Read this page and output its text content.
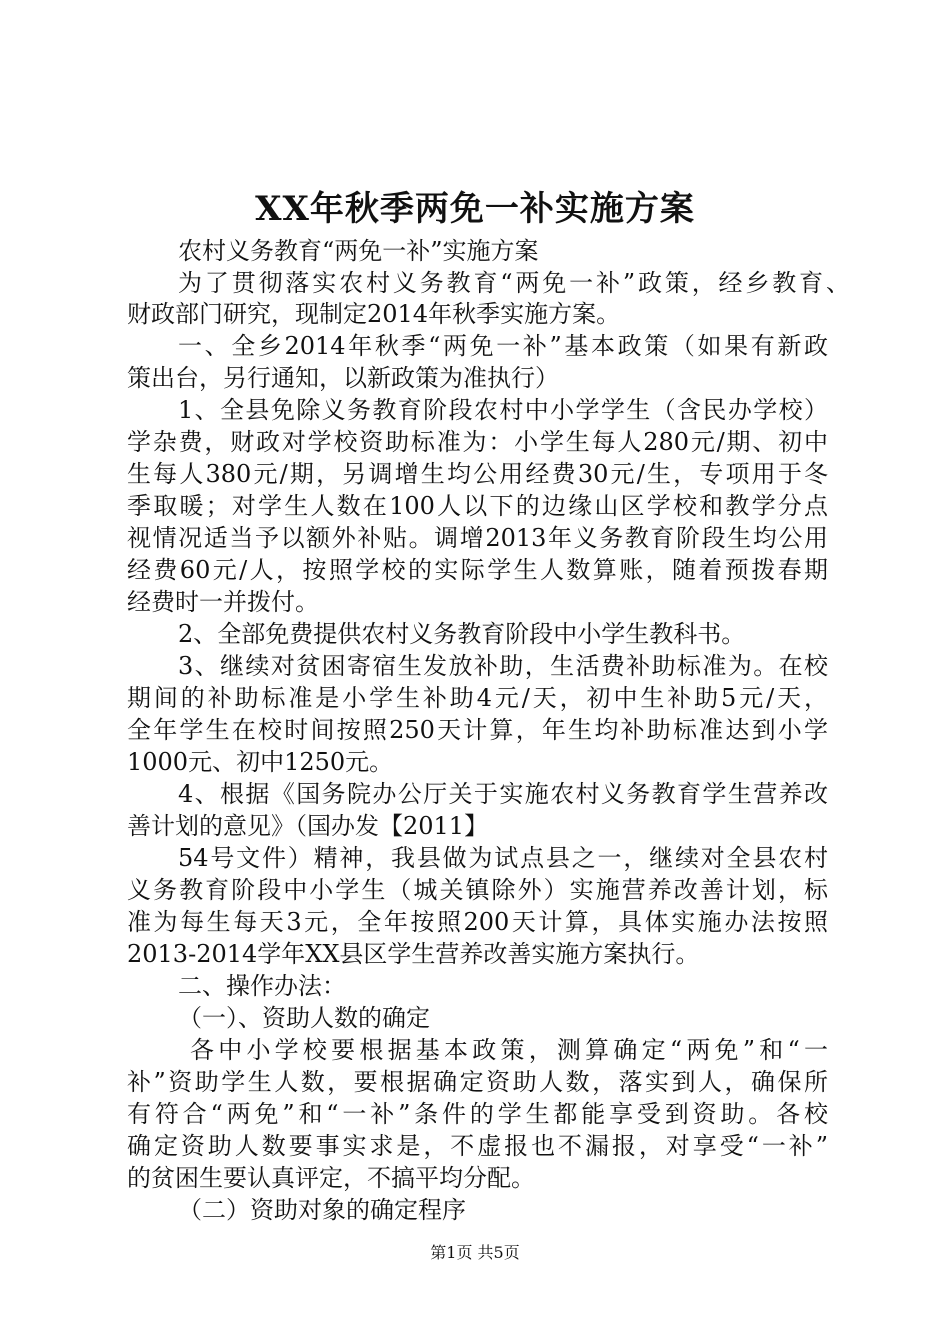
XX年秋季两免一补实施方案
农村义务教育“两免一补”实施方案
为了贯彻落实农村义务教育“两免一补”政策，经乡教育、
财政部门研究，现制定2014年秋季实施方案。
一、全乡2014年秋季“两免一补”基本政策（如果有新政
策出台，另行通知，以新政策为准执行）
1、全县免除义务教育阶段农村中小学学生（含民办学校）
学杂费，财政对学校资助标准为：小学生每人280元/期、初中
生每人380元/期，另调增生均公用经费30元/生，专项用于冬
季取暖；对学生人数在100人以下的边缘山区学校和教学分点
视情况适当予以额外补贴。调增2013年义务教育阶段生均公用
经费60元/人，按照学校的实际学生人数算账，随着预拨春期
经费时一并拨付。
2、全部免费提供农村义务教育阶段中小学生教科书。
3、继续对贫困寄宿生发放补助，生活费补助标准为。在校
期间的补助标准是小学生补助4元/天，初中生补助5元/天，
全年学生在校时间按照250天计算，年生均补助标准达到小学
1000元、初中1250元。
4、根据《国务院办公厅关于实施农村义务教育学生营养改
善计划的意见》（国办发【2011】
54号文件）精神，我县做为试点县之一，继续对全县农村
义务教育阶段中小学生（城关镇除外）实施营养改善计划，标
准为每生每天3元，全年按照200天计算，具体实施办法按照
2013-2014学年XX县区学生营养改善实施方案执行。
二、操作办法：
（一）、资助人数的确定
各中小学校要根据基本政策，测算确定“两免”和“一
补”资助学生人数，要根据确定资助人数，落实到人，确保所
有符合“两免”和“一补”条件的学生都能享受到资助。各校
确定资助人数要事实求是，不虚报也不漏报，对享受“一补”
的贫困生要认真评定，不搞平均分配。
（二）资助对象的确定程序
第1页 共5页
